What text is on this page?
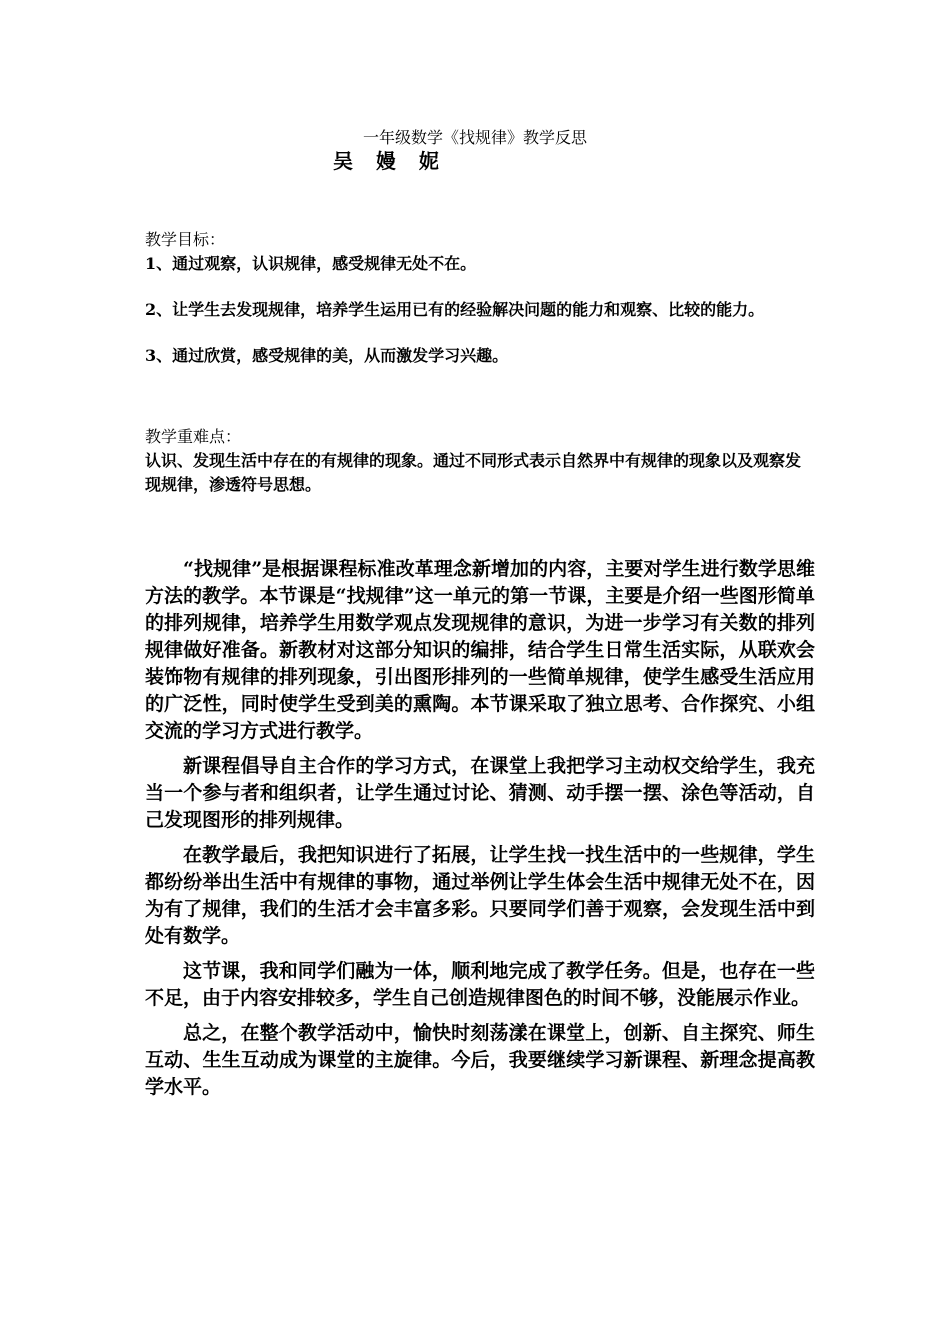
一年级数学《找规律》教学反思
吴 嫚 妮
教学目标：
1、通过观察，认识规律，感受规律无处不在。
2、让学生去发现规律，培养学生运用已有的经验解决问题的能力和观察、比较的能力。
3、通过欣赏，感受规律的美，从而激发学习兴趣。
教学重难点：
认识、发现生活中存在的有规律的现象。通过不同形式表示自然界中有规律的现象以及观察发现规律，渗透符号思想。

“找规律”是根据课程标准改革理念新增加的内容，主要对学生进行数学思维方法的教学。本节课是“找规律”这一单元的第一节课，主要是介绍一些图形简单的排列规律，培养学生用数学观点发现规律的意识，为进一步学习有关数的排列规律做好准备。新教材对这部分知识的编排，结合学生日常生活实际，从联欢会装饰物有规律的排列现象，引出图形排列的一些简单规律，使学生感受生活应用的广泛性，同时使学生受到美的熏陶。本节课采取了独立思考、合作探究、小组交流的学习方式进行教学。

新课程倡导自主合作的学习方式，在课堂上我把学习主动权交给学生，我充当一个参与者和组织者，让学生通过讨论、猜测、动手摆一摆、涂色等活动，自己发现图形的排列规律。

在教学最后，我把知识进行了拓展，让学生找一找生活中的一些规律，学生都纷纷举出生活中有规律的事物，通过举例让学生体会生活中规律无处不在，因为有了规律，我们的生活才会丰富多彩。只要同学们善于观察，会发现生活中到处有数学。

这节课，我和同学们融为一体，顺利地完成了教学任务。但是，也存在一些不足，由于内容安排较多，学生自己创造规律图色的时间不够，没能展示作业。

总之，在整个教学活动中，愉快时刻荡漾在课堂上，创新、自主探究、师生互动、生生互动成为课堂的主旋律。今后，我要继续学习新课程、新理念提高教学水平。
